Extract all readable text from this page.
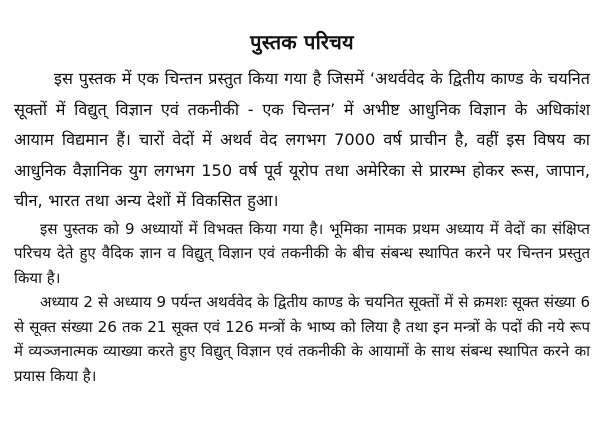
पुस्तक परिचय

इस पुस्तक में एक चिन्तन प्रस्तुत किया गया है जिसमें ‘अथर्ववेद के द्वितीय काण्ड के चयनित सूक्तों में विद्युत् विज्ञान एवं तकनीकी - एक चिन्तन’ में अभीष्ट आधुनिक विज्ञान के अधिकांश आयाम विद्यमान हैं। चारों वेदों में अथर्व वेद लगभग 7000 वर्ष प्राचीन है, वहीं इस विषय का आधुनिक वैज्ञानिक युग लगभग 150 वर्ष पूर्व यूरोप तथा अमेरिका से प्रारम्भ होकर रूस, जापान, चीन, भारत तथा अन्य देशों में विकसित हुआ।

इस पुस्तक को 9 अध्यायों में विभक्त किया गया है। भूमिका नामक प्रथम अध्याय में वेदों का संक्षिप्त परिचय देते हुए वैदिक ज्ञान व विद्युत् विज्ञान एवं तकनीकी के बीच संबन्ध स्थापित करने पर चिन्तन प्रस्तुत किया है।

अध्याय 2 से अध्याय 9 पर्यन्त अथर्ववेद के द्वितीय काण्ड के चयनित सूक्तों में से क्रमशः सूक्त संख्या 6 से सूक्त संख्या 26 तक 21 सूक्त एवं 126 मन्त्रों के भाष्य को लिया है तथा इन मन्त्रों के पदों की नये रूप में व्यञ्जनात्मक व्याख्या करते हुए विद्युत् विज्ञान एवं तकनीकी के आयामों के साथ संबन्ध स्थापित करने का प्रयास किया है।
